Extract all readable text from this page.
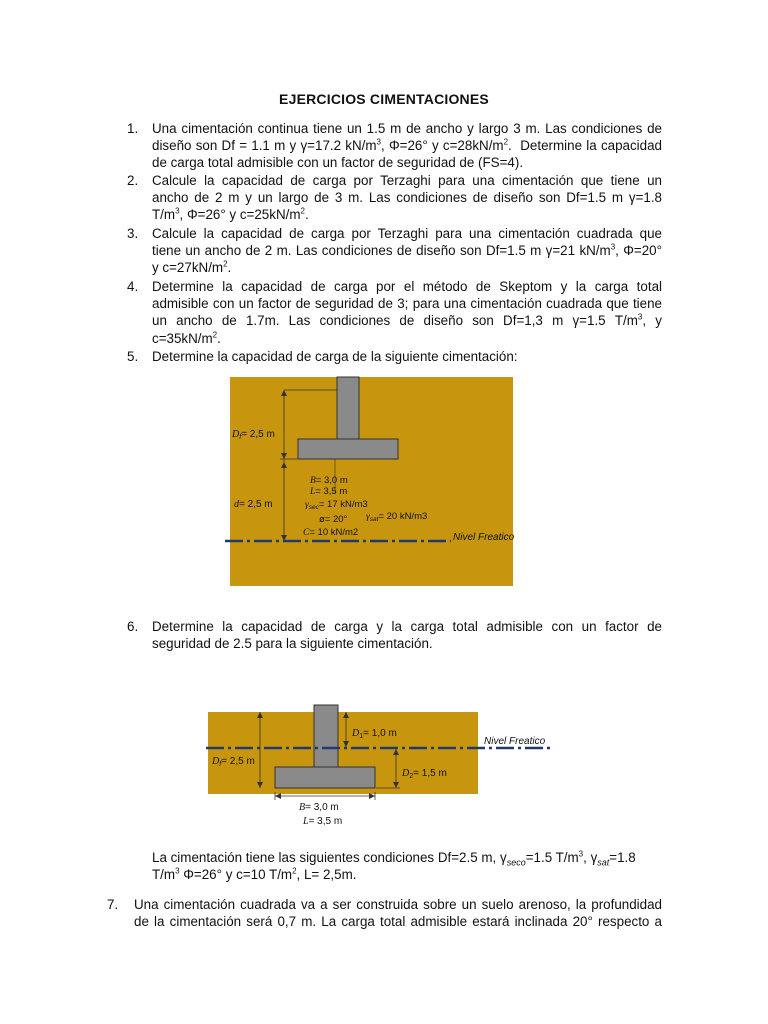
EJERCICIOS CIMENTACIONES
1. Una cimentación continua tiene un 1.5 m de ancho y largo 3 m. Las condiciones de
diseño son Df = 1.1 m y γ=17.2 $kN/m^3$, Φ=26° y $c=28kN/m^2$.  Determine la capacidad
de carga total admisible con un factor de seguridad de (FS=4).
2. Calcule la capacidad de carga por Terzaghi para una cimentación que tiene un
ancho de 2 m y un largo de 3 m. Las condiciones de diseño son Df=1.5 m γ=1.8
$T/m^3$, Φ=26° y $c=25kN/m^2$.
3. Calcule la capacidad de carga por Terzaghi para una cimentación cuadrada que
tiene un ancho de 2 m. Las condiciones de diseño son Df=1.5 m γ=21 $kN/m^3$, Φ=20°
y $c=27kN/m^2$.
4. Determine la capacidad de carga por el método de Skeptom y la carga total
admisible con un factor de seguridad de 3; para una cimentación cuadrada que tiene
un ancho de 1.7m. Las condiciones de diseño son Df=1,3 m γ=1.5 $T/m^3$, y
$c=35kN/m^2$.
5. Determine la capacidad de carga de la siguiente cimentación:
$D_f= 2,5$ m
d= 2,5 m
B= 3,0 m
L= 3,5 m
$\gamma_{sec}= 17$ kN/m3
ø= 20° $\gamma_{sat}= 20$ kN/m3
C= 10 kN/m2	Nivel Freatico
6. Determine la capacidad de carga y la carga total admisible con un factor de
seguridad de 2.5 para la siguiente cimentación.
$D_1= 1,0$ m
$D_f= 2,5$ m
$D_2= 1,5$ m
B= 3,0 m
L= 3,5 m
Nivel Freatico
La cimentación tiene las siguientes condiciones Df=2.5 m, $\gamma_{seco}=1.5$ $T/m^3$, $\gamma_{sat}=1.8$
$T/m^3$ Φ=26° y c=10 $T/m^2$, L= 2,5m.
7. Una cimentación cuadrada va a ser construida sobre un suelo arenoso, la profundidad
de la cimentación será 0,7 m. La carga total admisible estará inclinada 20° respecto a
